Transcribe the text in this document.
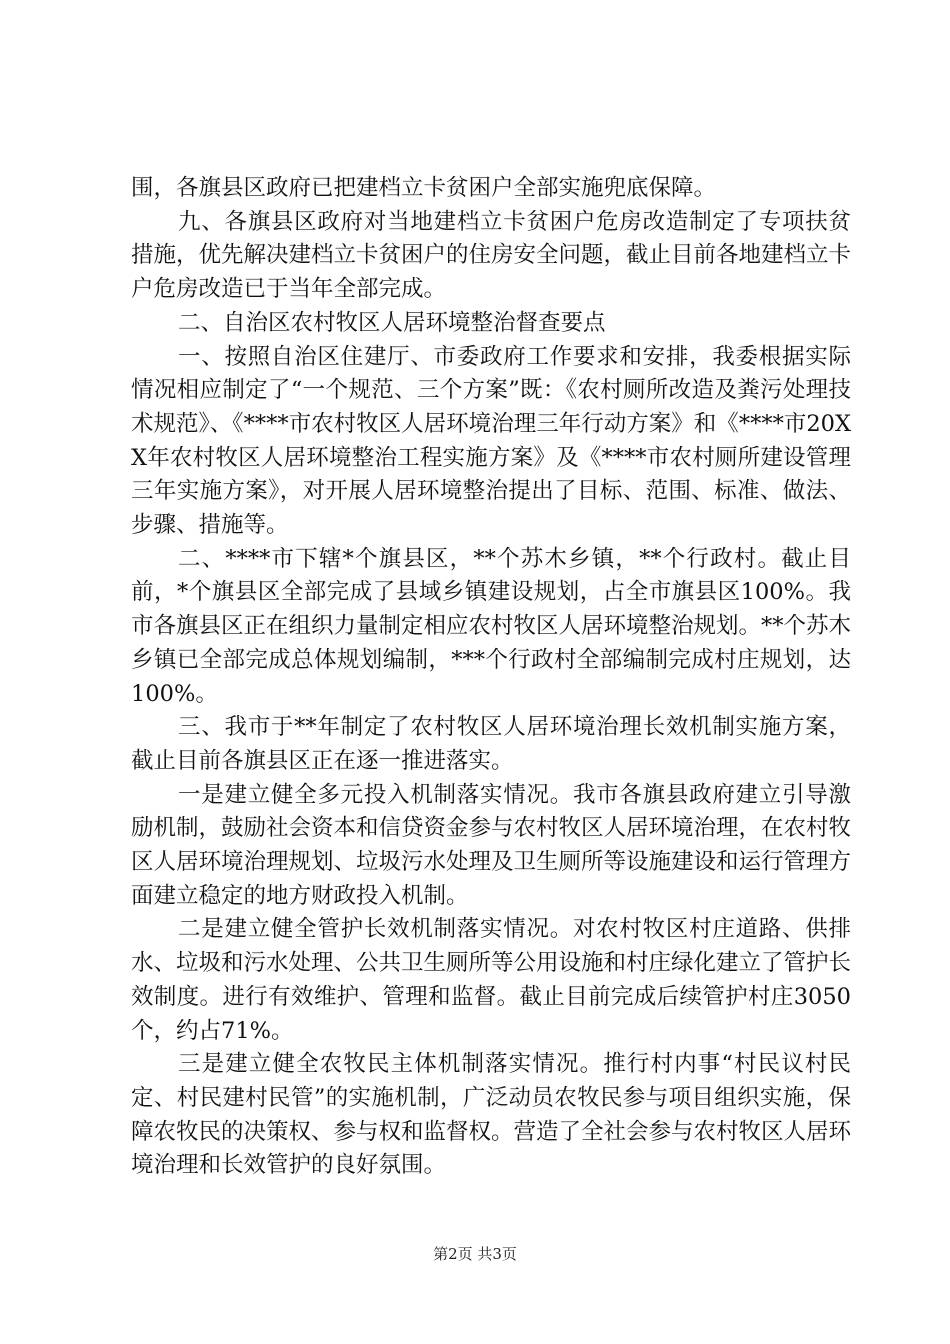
围，各旗县区政府已把建档立卡贫困户全部实施兜底保障。

九、各旗县区政府对当地建档立卡贫困户危房改造制定了专项扶贫措施，优先解决建档立卡贫困户的住房安全问题，截止目前各地建档立卡户危房改造已于当年全部完成。

二、自治区农村牧区人居环境整治督查要点

一、按照自治区住建厅、市委政府工作要求和安排，我委根据实际情况相应制定了“一个规范、三个方案”既：《农村厕所改造及粪污处理技术规范》、《****市农村牧区人居环境治理三年行动方案》和《****市20XX年农村牧区人居环境整治工程实施方案》及《****市农村厕所建设管理三年实施方案》，对开展人居环境整治提出了目标、范围、标准、做法、步骤、措施等。

二、****市下辖*个旗县区，**个苏木乡镇，**个行政村。截止目前，*个旗县区全部完成了县域乡镇建设规划，占全市旗县区100%。我市各旗县区正在组织力量制定相应农村牧区人居环境整治规划。**个苏木乡镇已全部完成总体规划编制，***个行政村全部编制完成村庄规划，达100%。

三、我市于**年制定了农村牧区人居环境治理长效机制实施方案，截止目前各旗县区正在逐一推进落实。

一是建立健全多元投入机制落实情况。我市各旗县政府建立引导激励机制，鼓励社会资本和信贷资金参与农村牧区人居环境治理，在农村牧区人居环境治理规划、垃圾污水处理及卫生厕所等设施建设和运行管理方面建立稳定的地方财政投入机制。

二是建立健全管护长效机制落实情况。对农村牧区村庄道路、供排水、垃圾和污水处理、公共卫生厕所等公用设施和村庄绿化建立了管护长效制度。进行有效维护、管理和监督。截止目前完成后续管护村庄3050个，约占71%。

三是建立健全农牧民主体机制落实情况。推行村内事“村民议村民定、村民建村民管”的实施机制，广泛动员农牧民参与项目组织实施，保障农牧民的决策权、参与权和监督权。营造了全社会参与农村牧区人居环境治理和长效管护的良好氛围。

第2页 共3页
